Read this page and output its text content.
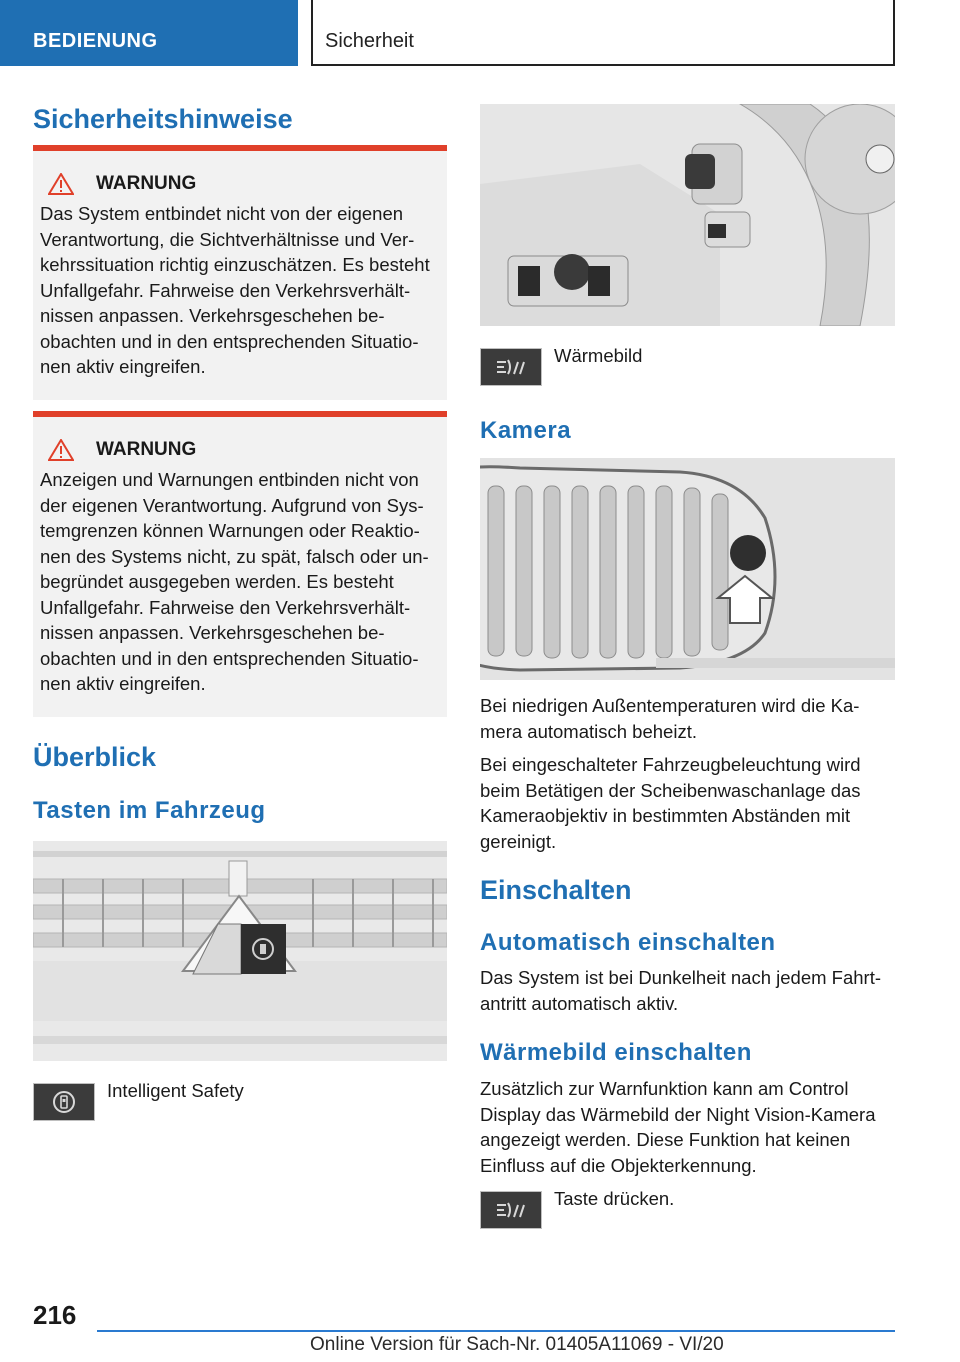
BEDIENUNG	Sicherheit
Sicherheitshinweise
WARNUNG
Das System entbindet nicht von der eigenen Verantwortung, die Sichtverhältnisse und Ver-kehrssituation richtig einzuschätzen. Es besteht Unfallgefahr. Fahrweise den Verkehrsverhält-nissen anpassen. Verkehrsgeschehen be-obachten und in den entsprechenden Situatio-nen aktiv eingreifen.
WARNUNG
Anzeigen und Warnungen entbinden nicht von der eigenen Verantwortung. Aufgrund von Sys-temgrenzen können Warnungen oder Reaktio-nen des Systems nicht, zu spät, falsch oder un-begründet ausgegeben werden. Es besteht Unfallgefahr. Fahrweise den Verkehrsverhält-nissen anpassen. Verkehrsgeschehen be-obachten und in den entsprechenden Situatio-nen aktiv eingreifen.
Überblick
Tasten im Fahrzeug
Intelligent Safety
Wärmebild
Kamera

Bei niedrigen Außentemperaturen wird die Ka-mera automatisch beheizt.

Bei eingeschalteter Fahrzeugbeleuchtung wird beim Betätigen der Scheibenwaschanlage das Kameraobjektiv in bestimmten Abständen mit gereinigt.

Einschalten
Automatisch einschalten
Das System ist bei Dunkelheit nach jedem Fahrt-antritt automatisch aktiv.
Wärmebild einschalten
Zusätzlich zur Warnfunktion kann am Control Display das Wärmebild der Night Vision-Kamera angezeigt werden. Diese Funktion hat keinen Einfluss auf die Objekterkennung.
Taste drücken.
216
Online Version für Sach-Nr. 01405A11069 - VI/20
